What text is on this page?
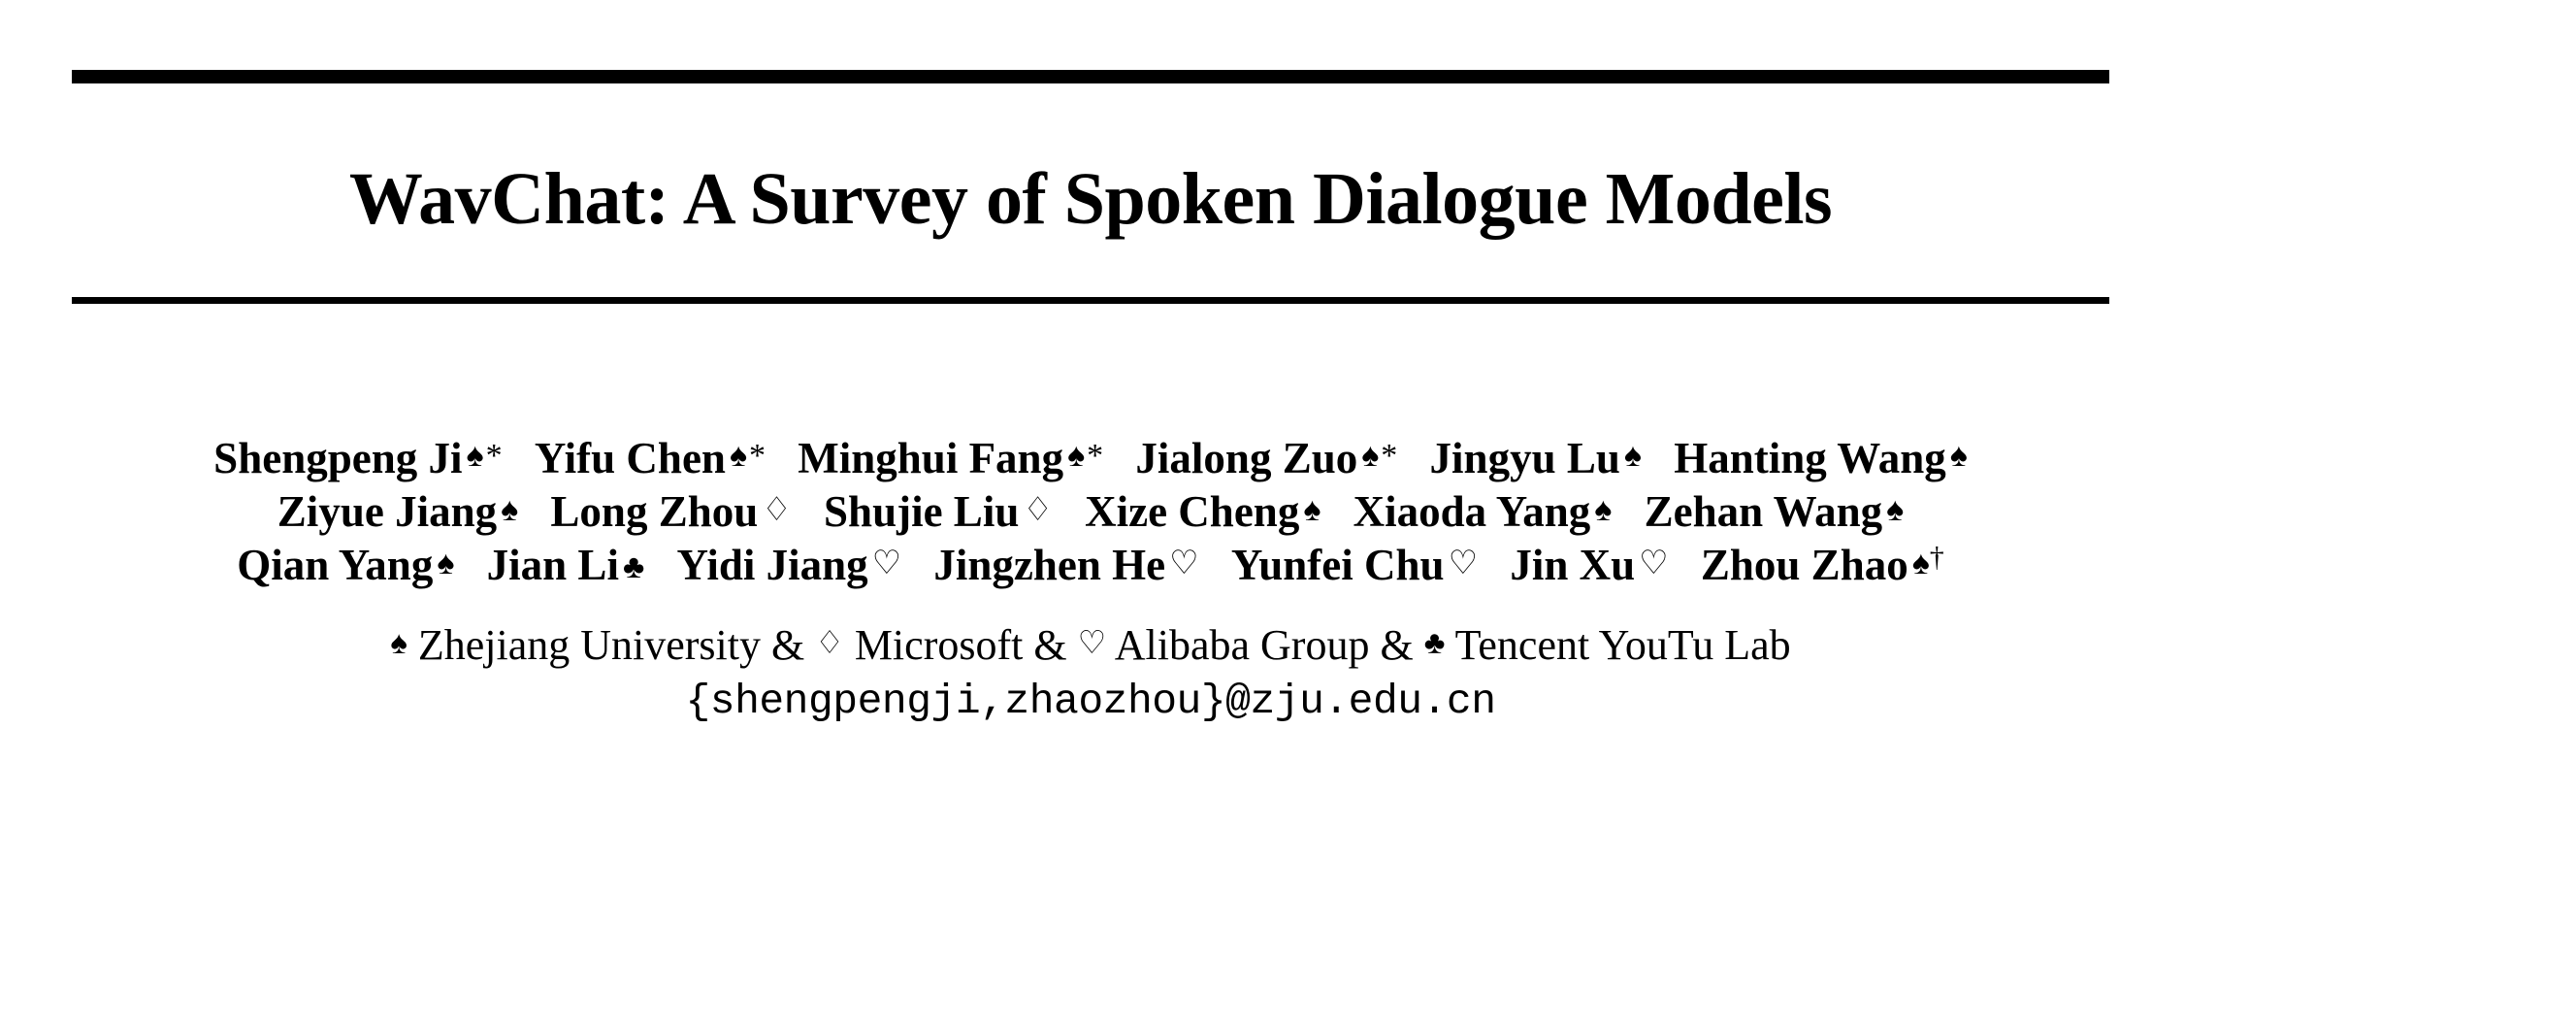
WavChat: A Survey of Spoken Dialogue Models
Shengpeng Ji ♠* Yifu Chen ♠* Minghui Fang ♠* Jialong Zuo ♠* Jingyu Lu ♠ Hanting Wang ♠
Ziyue Jiang ♠ Long Zhou ♢ Shujie Liu ♢ Xize Cheng ♠ Xiaoda Yang ♠ Zehan Wang ♠
Qian Yang ♠ Jian Li ♣ Yidi Jiang ♡ Jingzhen He ♡ Yunfei Chu ♡ Jin Xu ♡ Zhou Zhao ♠†
♠ Zhejiang University & ♢ Microsoft & ♡ Alibaba Group & ♣ Tencent YouTu Lab
{shengpengji,zhaozhou}@zju.edu.cn
